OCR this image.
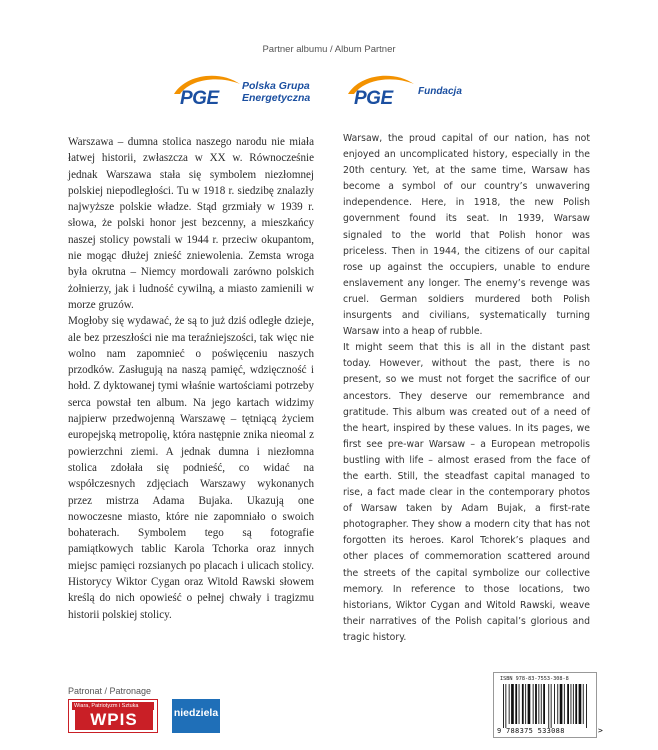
Partner albumu / Album Partner
PGE
Polska Grupa
Energetyczna PGE	Fundacja

Warszawa – dumna stolica naszego narodu nie miała łatwej historii, zwłaszcza w XX w. Równocześnie jednak Warszawa stała się symbolem niezłomnej polskiej niepodległości. Tu w 1918 r. siedzibę znalazły najwyższe polskie władze. Stąd grzmiały w 1939 r. słowa, że polski honor jest bezcenny, a mieszkańcy naszej stolicy powstali w 1944 r. przeciw okupantom, nie mogąc dłużej znieść zniewolenia. Zemsta wroga była okrutna – Niemcy mordowali zarówno polskich żołnierzy, jak i ludność cywilną, a miasto zamienili w morze gruzów.

Mogłoby się wydawać, że są to już dziś odległe dzieje, ale bez przeszłości nie ma teraźniejszości, tak więc nie wolno nam zapomnieć o poświęceniu naszych przodków. Zasługują na naszą pamięć, wdzięczność i hołd. Z dyktowanej tymi właśnie wartościami potrzeby serca powstał ten album. Na jego kartach widzimy najpierw przedwojenną Warszawę – tętniącą życiem europejską metropolię, która następnie znika nieomal z powierzchni ziemi. A jednak dumna i niezłomna stolica zdołała się podnieść, co widać na współczesnych zdjęciach Warszawy wykonanych przez mistrza Adama Bujaka. Ukazują one nowoczesne miasto, które nie zapomniało o swoich bohaterach. Symbolem tego są fotografie pamiątkowych tablic Karola Tchorka oraz innych miejsc pamięci rozsianych po placach i ulicach stolicy. Historycy Wiktor Cygan oraz Witold Rawski słowem kreślą do nich opowieść o pełnej chwały i tragizmu historii polskiej stolicy.

Warsaw, the proud capital of our nation, has not enjoyed an uncomplicated history, especially in the 20th century. Yet, at the same time, Warsaw has become a symbol of our country’s unwavering independence. Here, in 1918, the new Polish government found its seat. In 1939, Warsaw signaled to the world that Polish honor was priceless. Then in 1944, the citizens of our capital rose up against the occupiers, unable to endure enslavement any longer. The enemy’s revenge was cruel. German soldiers murdered both Polish insurgents and civilians, systematically turning Warsaw into a heap of rubble.

It might seem that this is all in the distant past today. However, without the past, there is no present, so we must not forget the sacrifice of our ancestors. They deserve our remembrance and gratitude. This album was created out of a need of the heart, inspired by these values. In its pages, we first see pre-war Warsaw – a European metropolis bustling with life – almost erased from the face of the earth. Still, the steadfast capital managed to rise, a fact made clear in the contemporary photos of Warsaw taken by Adam Bujak, a first-rate photographer. They show a modern city that has not forgotten its heroes. Karol Tchorek’s plaques and other places of commemoration scattered around the streets of the capital symbolize our collective memory. In reference to those locations, two historians, Wiktor Cygan and Witold Rawski, weave their narratives of the Polish capital’s glorious and tragic history.

Patronat / Patronage
Wiara, Patriotyzm i Sztuka
WPIS	niedziela
ISBN 978-83-7553-308-8
9 788375 533088	>
